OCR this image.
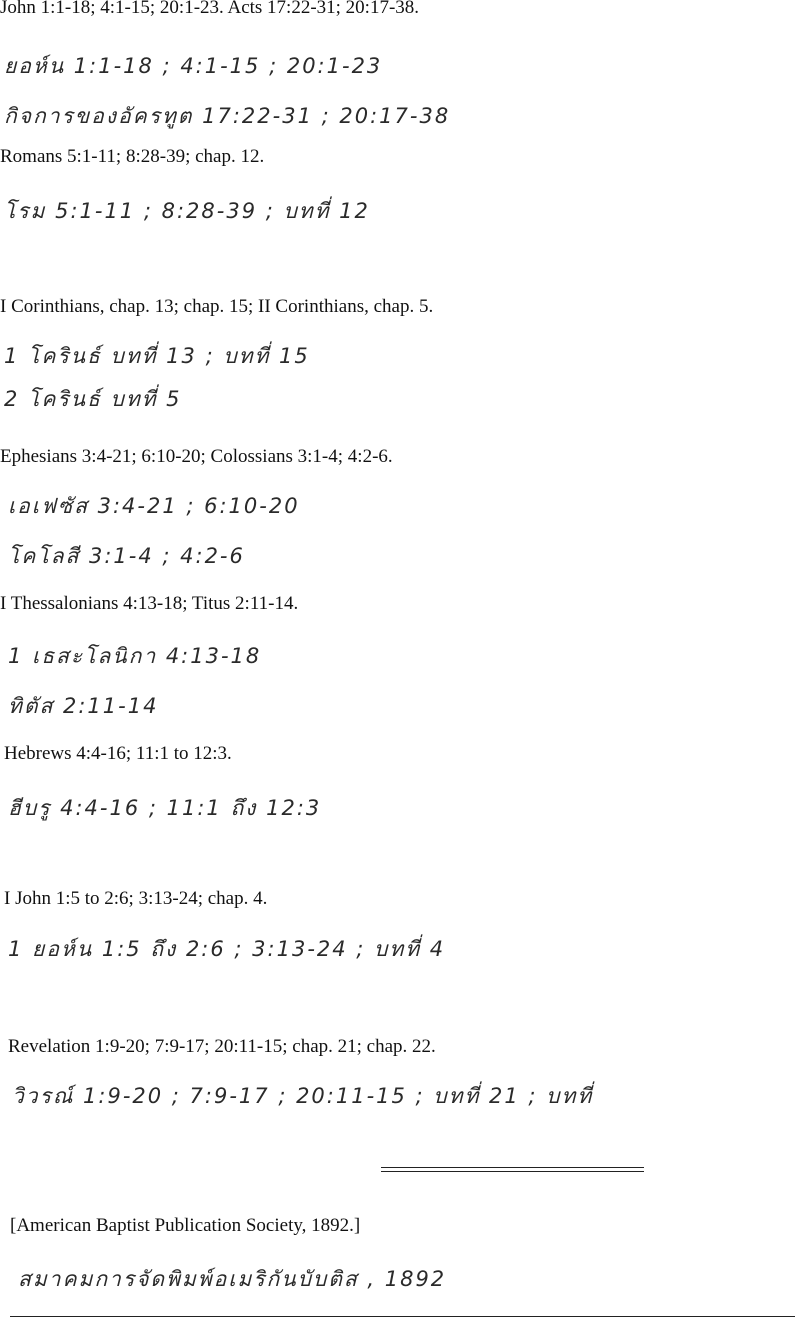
John 1:1-18; 4:1-15; 20:1-23. Acts 17:22-31; 20:17-38.
ยอห์น 1:1-18 ; 4:1-15 ; 20:1-23
กิจการของอัครทูต 17:22-31 ; 20:17-38
Romans 5:1-11; 8:28-39; chap. 12.
โรม 5:1-11 ; 8:28-39 ; บทที่ 12
I Corinthians, chap. 13; chap. 15; II Corinthians, chap. 5.
1 โครินธ์ บทที่ 13 ; บทที่ 15
2 โครินธ์ บทที่ 5
Ephesians 3:4-21; 6:10-20; Colossians 3:1-4; 4:2-6.
เอเฟซัส 3:4-21 ; 6:10-20
โคโลสี 3:1-4 ; 4:2-6
I Thessalonians 4:13-18; Titus 2:11-14.
1 เธสะโลนิกา 4:13-18
ทิตัส 2:11-14
Hebrews 4:4-16; 11:1 to 12:3.
ฮีบรู 4:4-16 ; 11:1 ถึง 12:3
I John 1:5 to 2:6; 3:13-24; chap. 4.
1 ยอห์น 1:5 ถึง 2:6 ; 3:13-24 ; บทที่ 4
Revelation 1:9-20; 7:9-17; 20:11-15; chap. 21; chap. 22.
วิวรณ์ 1:9-20 ; 7:9-17 ; 20:11-15 ; บทที่ 21 ; บทที่
[American Baptist Publication Society, 1892.]
สมาคมการจัดพิมพ์อเมริกันบับติส , 1892
